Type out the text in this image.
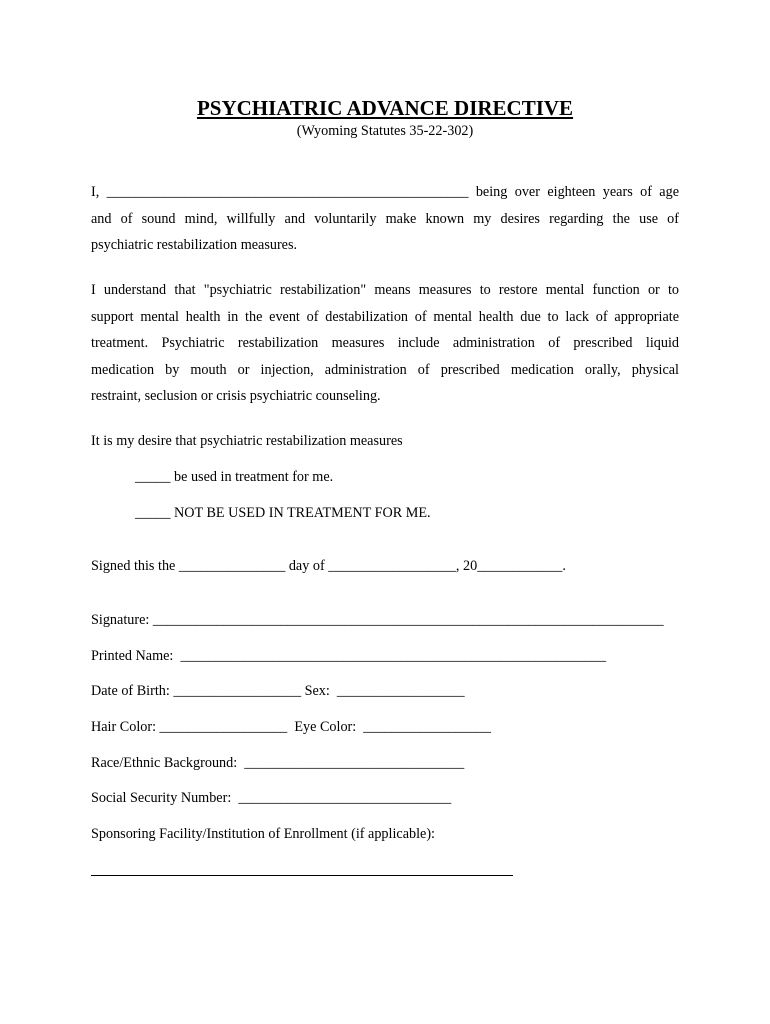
PSYCHIATRIC ADVANCE DIRECTIVE
(Wyoming Statutes 35-22-302)
I, ___________________________________________________ being over eighteen years of age
and of sound mind, willfully and voluntarily make known my desires regarding the use of
psychiatric restabilization measures.
I understand that "psychiatric restabilization" means measures to restore mental function or to
support mental health in the event of destabilization of mental health due to lack of appropriate
treatment. Psychiatric restabilization measures include administration of prescribed liquid
medication by mouth or injection, administration of prescribed medication orally, physical
restraint, seclusion or crisis psychiatric counseling.
It is my desire that psychiatric restabilization measures
_____ be used in treatment for me.
_____ NOT BE USED IN TREATMENT FOR ME.
Signed this the _______________ day of __________________, 20____________.
Signature: ________________________________________________________________________
Printed Name:  ____________________________________________________________
Date of Birth: __________________ Sex:  __________________
Hair Color: __________________  Eye Color:  __________________
Race/Ethnic Background:  _______________________________
Social Security Number:  ______________________________
Sponsoring Facility/Institution of Enrollment (if applicable):
